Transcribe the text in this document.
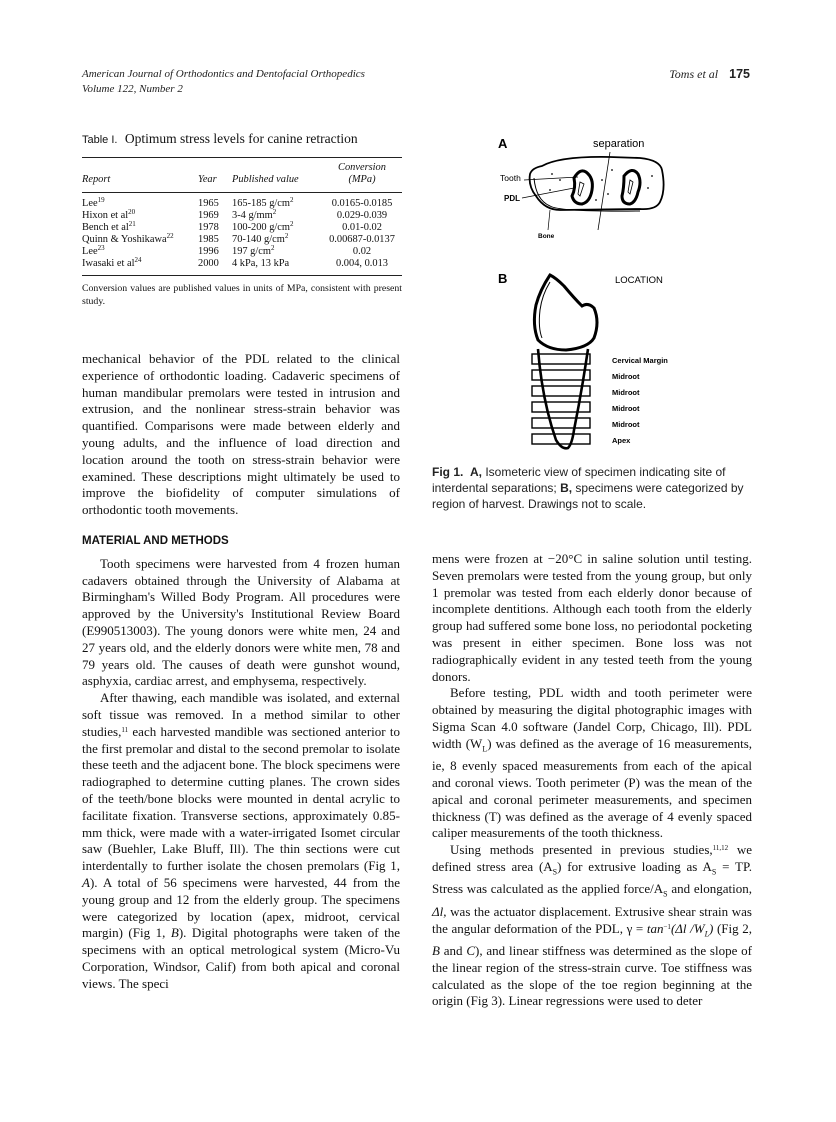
American Journal of Orthodontics and Dentofacial Orthopedics
Volume 122, Number 2
Toms et al 175
Table I. Optimum stress levels for canine retraction
Report	Year	Published value	Conversion
(MPa)

Lee$^{19}$	1965	165-185 $g/cm^2$	0.0165-0.0185
Hixon et $al^{20}$	1969	3-4 $g/mm^2$	0.029-0.039
Bench et $al^{21}$	1978	100-200 $g/cm^2$	0.01-0.02
Quinn & Yoshikawa$^{22}$	1985	70-140 $g/cm^2$	0.00687-0.0137
Lee$^{23}$	1996	197 $g/cm^2$	0.02
Iwasaki et $al^{24}$	2000	4 kPa, 13 kPa	0.004, 0.013
Conversion values are published values in units of MPa, consistent with present study.
A	separation
Tooth
PDL
Bone
B	LOCATION
Cervical Margin
Midroot
Midroot
Midroot
Midroot
Apex
Fig 1. A, Isometeric view of specimen indicating site of interdental separations; B, specimens were categorized by region of harvest. Drawings not to scale.

mechanical behavior of the PDL related to the clinical experience of orthodontic loading. Cadaveric specimens of human mandibular premolars were tested in intrusion and extrusion, and the nonlinear stress-strain behavior was quantified. Comparisons were made between elderly and young adults, and the influence of load direction and location around the tooth on stress-strain behavior were examined. These descriptions might ultimately be used to improve the biofidelity of computer simulations of orthodontic tooth movements.

MATERIAL AND METHODS

Tooth specimens were harvested from 4 frozen human cadavers obtained through the University of Alabama at Birmingham's Willed Body Program. All procedures were approved by the University's Institutional Review Board (E990513003). The young donors were white men, 24 and 27 years old, and the elderly donors were white men, 78 and 79 years old. The causes of death were gunshot wound, asphyxia, cardiac arrest, and emphysema, respectively.

After thawing, each mandible was isolated, and external soft tissue was removed. In a method similar to other studies,$^{11}$ each harvested mandible was sectioned anterior to the first premolar and distal to the second premolar to isolate these teeth and the adjacent bone. The block specimens were radiographed to determine cutting planes. The crown sides of the teeth/bone blocks were mounted in dental acrylic to facilitate fixation. Transverse sections, approximately 0.85-mm thick, were made with a water-irrigated Isomet circular saw (Buehler, Lake Bluff, Ill). The thin sections were cut interdentally to further isolate the chosen premolars (Fig 1, A). A total of 56 specimens were harvested, 44 from the young group and 12 from the elderly group. The specimens were categorized by location (apex, midroot, cervical margin) (Fig 1, B). Digital photographs were taken of the specimens with an optical metrological system (Micro-Vu Corporation, Windsor, Calif) from both apical and coronal views. The speci

mens were frozen at −20°C in saline solution until testing. Seven premolars were tested from the young group, but only 1 premolar was tested from each elderly donor because of incomplete dentitions. Although each tooth from the elderly group had suffered some bone loss, no periodontal pocketing was present in either specimen. Bone loss was not radiographically evident in any tested teeth from the young donors.

Before testing, PDL width and tooth perimeter were obtained by measuring the digital photographic images with Sigma Scan 4.0 software (Jandel Corp, Chicago, Ill). PDL width $(W_L)$ was defined as the average of 16 measurements, ie, 8 evenly spaced measurements from each of the apical and coronal views. Tooth perimeter (P) was the mean of the apical and coronal perimeter measurements, and specimen thickness (T) was defined as the average of 4 evenly spaced caliper measurements of the tooth thickness.

Using methods presented in previous studies,$^{11,12}$ we defined stress area $(A_S)$ for extrusive loading as $A_S$ = TP. Stress was calculated as the applied force/$A_S$ and elongation, Δl, was the actuator displacement. Extrusive shear strain was the angular deformation of the PDL, $\gamma = \tan^{-1}(\Delta l$ $/W_L$) (Fig 2, B and C), and linear stiffness was determined as the slope of the linear region of the stress-strain curve. Toe stiffness was calculated as the slope of the toe region beginning at the origin (Fig 3). Linear regressions were used to deter
